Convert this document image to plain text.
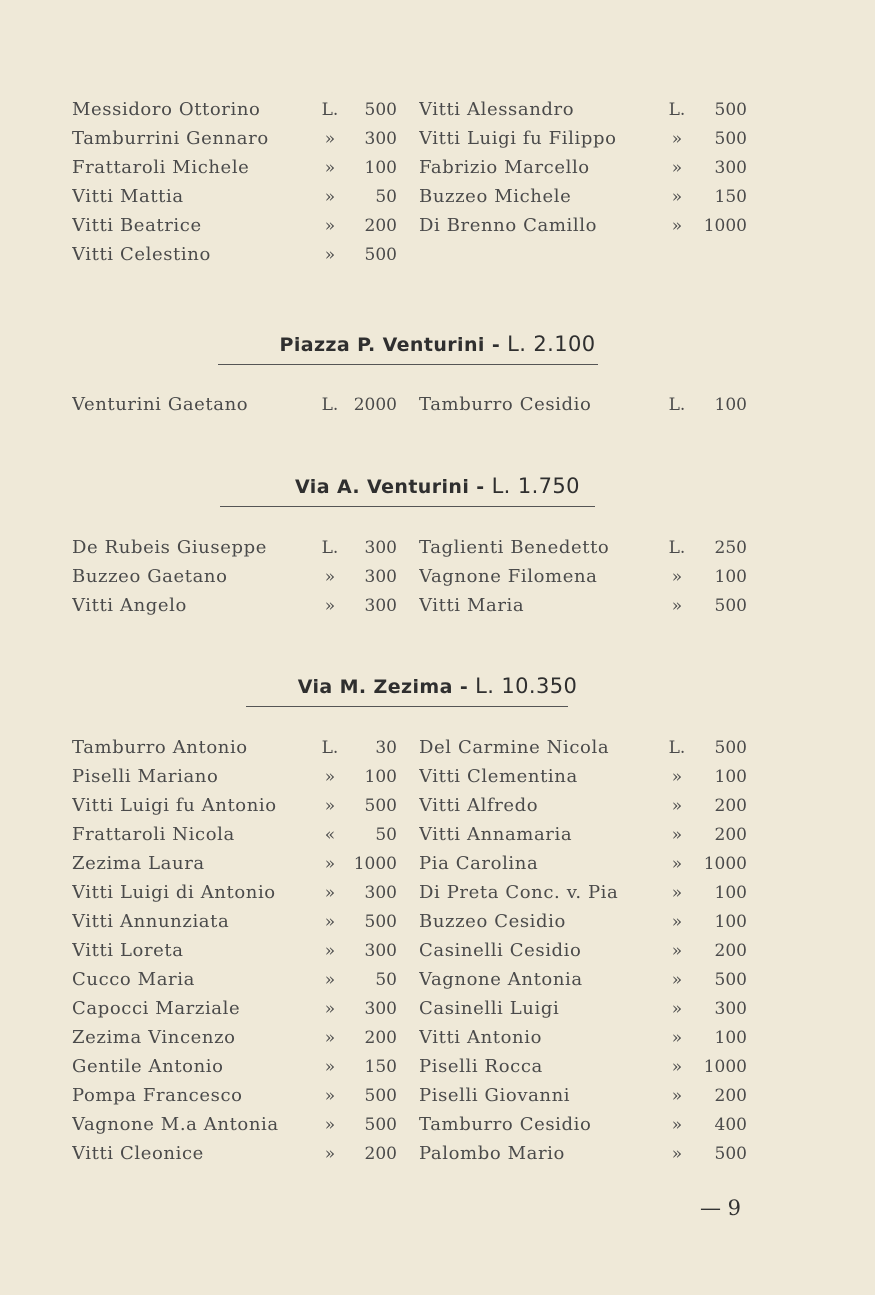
Messidoro Ottorino	L.	500 Vitti Alessandro	L.	500
Tamburrini Gennaro	»	300 Vitti Luigi fu Filippo	»	500
Frattaroli Michele	»	100 Fabrizio Marcello	»	300
Vitti Mattia	»	50 Buzzeo Michele	»	150
Vitti Beatrice	»	200 Di Brenno Camillo	»	1000
Vitti Celestino	»	500
Piazza P. Venturini - L. 2.100
Venturini Gaetano	L. 2000 Tamburro Cesidio	L.	100
Via A. Venturini - L. 1.750
De Rubeis Giuseppe	L.	300 Taglienti Benedetto	L.	250
Buzzeo Gaetano	»	300 Vagnone Filomena	»	100
Vitti Angelo	»	300 Vitti Maria	»	500
Via M. Zezima - L. 10.350
Tamburro Antonio	L.	30 Del Carmine Nicola	L.	500
Piselli Mariano	»	100 Vitti Clementina	»	100
Vitti Luigi fu Antonio	»	500 Vitti Alfredo	»	200
Frattaroli Nicola	«	50 Vitti Annamaria	»	200
Zezima Laura	»	1000 Pia Carolina	»	1000
Vitti Luigi di Antonio	»	300 Di Preta Conc. v. Pia	»	100
Vitti Annunziata	»	500 Buzzeo Cesidio	»	100
Vitti Loreta	»	300 Casinelli Cesidio	»	200
Cucco Maria	»	50 Vagnone Antonia	»	500
Capocci Marziale	»	300 Casinelli Luigi	»	300
Zezima Vincenzo	»	200 Vitti Antonio	»	100
Gentile Antonio	»	150 Piselli Rocca	»	1000
Pompa Francesco	»	500 Piselli Giovanni	»	200
Vagnone M.a Antonia	»	500 Tamburro Cesidio	»	400
Vitti Cleonice	»	200 Palombo Mario	»	500
— 9
